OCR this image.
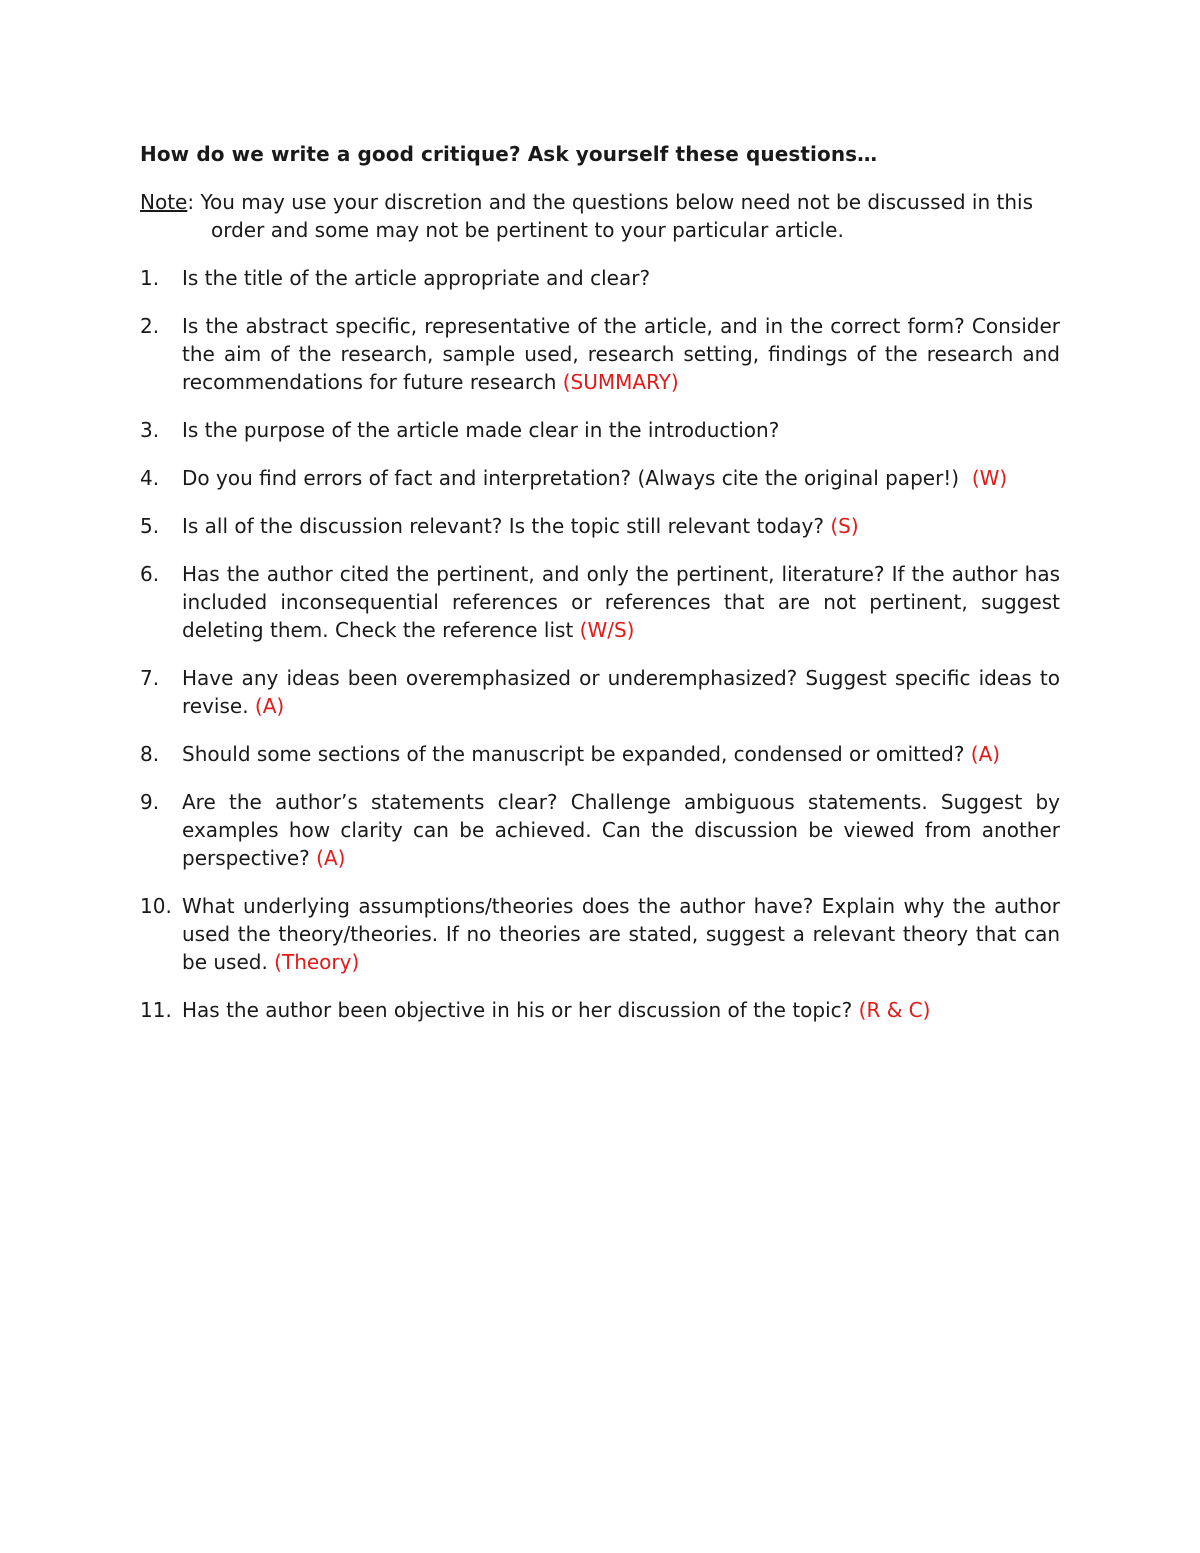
How do we write a good critique? Ask yourself these questions…
Note: You may use your discretion and the questions below need not be discussed in this order and some may not be pertinent to your particular article.
1. Is the title of the article appropriate and clear?
2. Is the abstract specific, representative of the article, and in the correct form? Consider the aim of the research, sample used, research setting, findings of the research and recommendations for future research (SUMMARY)
3. Is the purpose of the article made clear in the introduction?
4. Do you find errors of fact and interpretation? (Always cite the original paper!) (W)
5. Is all of the discussion relevant? Is the topic still relevant today? (S)
6. Has the author cited the pertinent, and only the pertinent, literature? If the author has included inconsequential references or references that are not pertinent, suggest deleting them. Check the reference list (W/S)
7. Have any ideas been overemphasized or underemphasized? Suggest specific ideas to revise. (A)
8. Should some sections of the manuscript be expanded, condensed or omitted? (A)
9. Are the author’s statements clear? Challenge ambiguous statements. Suggest by examples how clarity can be achieved. Can the discussion be viewed from another perspective? (A)
10. What underlying assumptions/theories does the author have? Explain why the author used the theory/theories. If no theories are stated, suggest a relevant theory that can be used. (Theory)
11. Has the author been objective in his or her discussion of the topic? (R & C)
